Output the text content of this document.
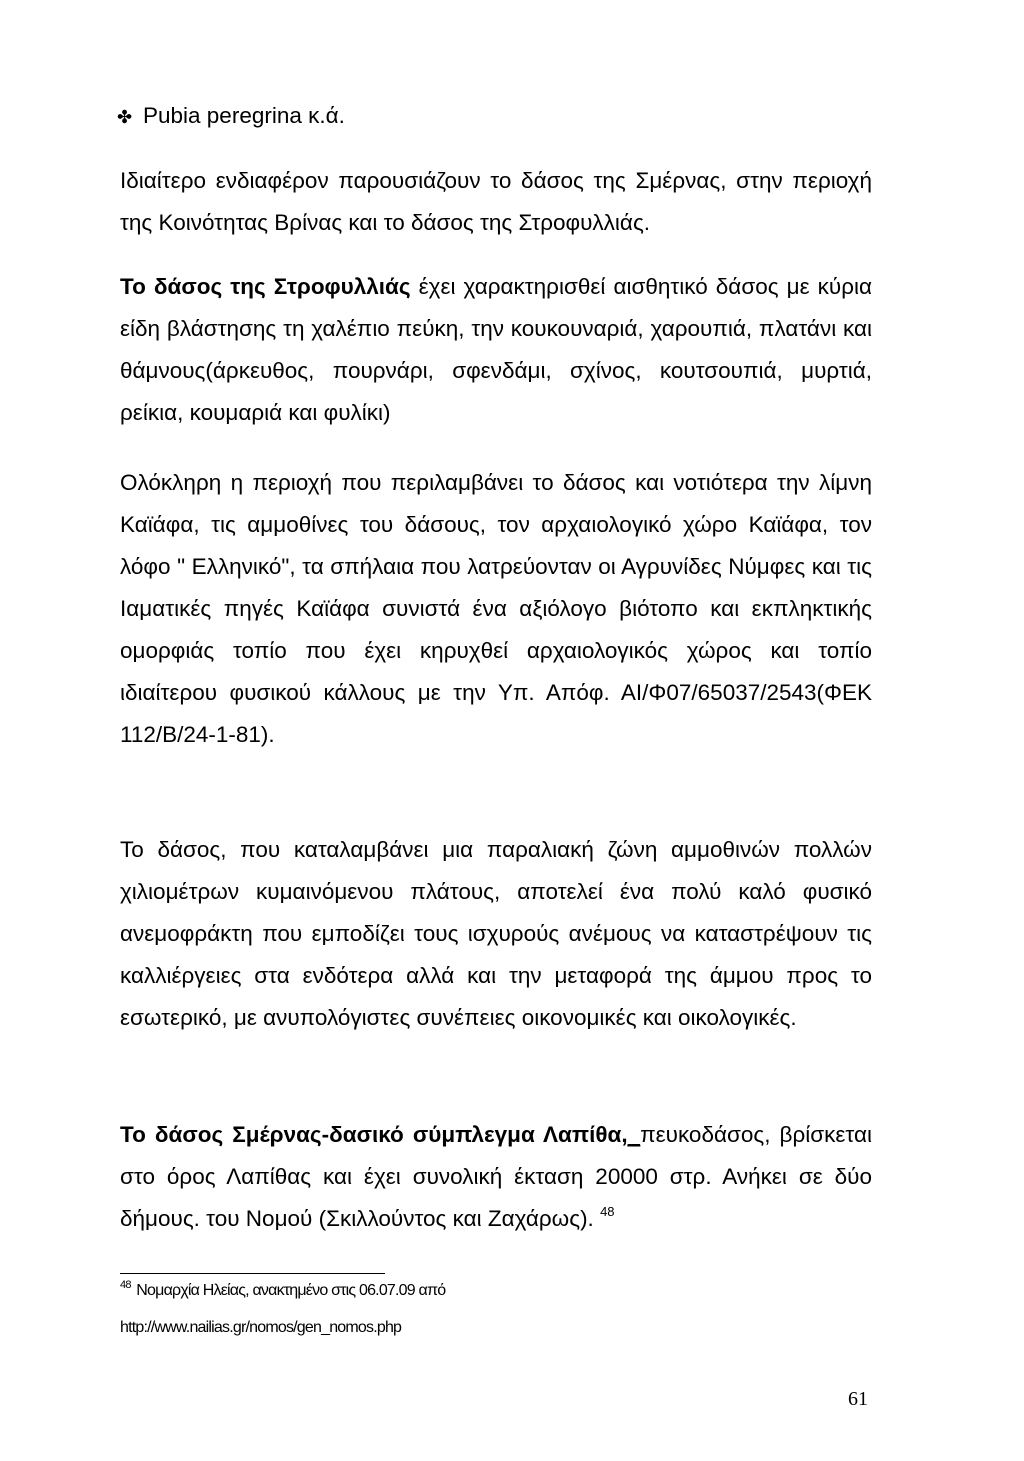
✤ Pubia peregrina κ.ά.

Ιδιαίτερο ενδιαφέρον παρουσιάζουν το δάσος της Σμέρνας, στην περιοχή της Κοινότητας Βρίνας και το δάσος της Στροφυλλιάς.

Το δάσος της Στροφυλλιάς έχει χαρακτηρισθεί αισθητικό δάσος με κύρια είδη βλάστησης τη χαλέπιο πεύκη, την κουκουναριά, χαρουπιά, πλατάνι και θάμνους(άρκευθος, πουρνάρι, σφενδάμι, σχίνος, κουτσουπιά, μυρτιά, ρείκια, κουμαριά και φυλίκι)

Ολόκληρη η περιοχή που περιλαμβάνει το δάσος και νοτιότερα την λίμνη Καϊάφα, τις αμμοθίνες του δάσους, τον αρχαιολογικό χώρο Καϊάφα, τον λόφο " Ελληνικό", τα σπήλαια που λατρεύονταν οι Αγρυνίδες Νύμφες και τις Ιαματικές πηγές Καϊάφα συνιστά ένα αξιόλογο βιότοπο και εκπληκτικής ομορφιάς τοπίο που έχει κηρυχθεί αρχαιολογικός χώρος και τοπίο ιδιαίτερου φυσικού κάλλους με την Υπ. Απόφ. ΑΙ/Φ07/65037/2543(ΦΕΚ 112/Β/24-1-81).

Το δάσος, που καταλαμβάνει μια παραλιακή ζώνη αμμοθινών πολλών χιλιομέτρων κυμαινόμενου πλάτους, αποτελεί ένα πολύ καλό φυσικό ανεμοφράκτη που εμποδίζει τους ισχυρούς ανέμους να καταστρέψουν τις καλλιέργειες στα ενδότερα αλλά και την μεταφορά της άμμου προς το εσωτερικό, με ανυπολόγιστες συνέπειες οικονομικές και οικολογικές.

Το δάσος Σμέρνας-δασικό σύμπλεγμα Λαπίθα,_πευκοδάσος, βρίσκεται στο όρος Λαπίθας και έχει συνολική έκταση 20000 στρ. Ανήκει σε δύο δήμους. του Νομού (Σκιλλούντος και Ζαχάρως). $^{48}$

$^{48}$ Νομαρχία Ηλείας, ανακτημένο στις 06.07.09 από
http://www.nailias.gr/nomos/gen_nomos.php
61
